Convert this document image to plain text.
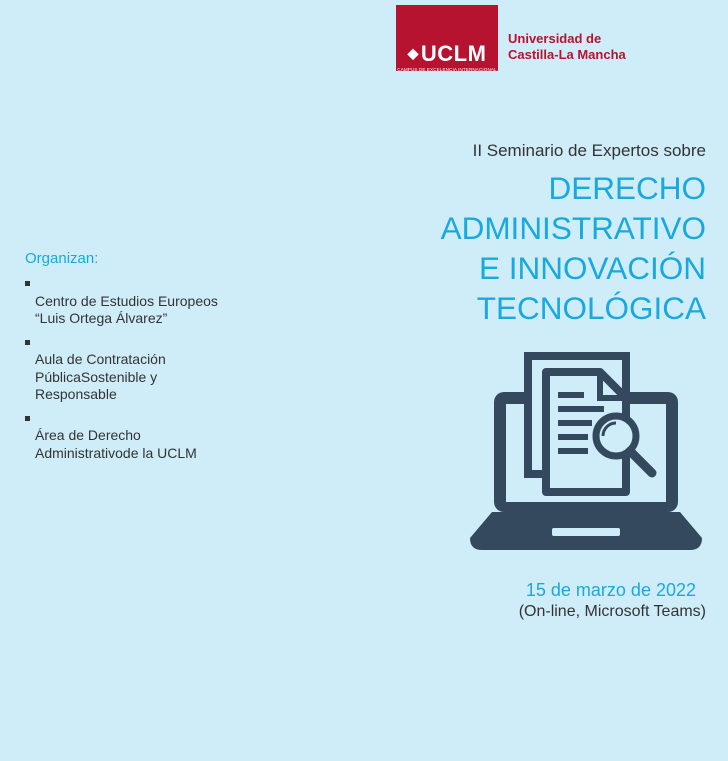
◆UCLM
CAMPUS DE EXCELENCIA INTERNACIONAL
Universidad de
Castilla-La Mancha
II Seminario de Expertos sobre
DERECHO
ADMINISTRATIVO
E INNOVACIÓN
TECNOLÓGICA
Organizan:

Centro de Estudios Europeos
“Luis Ortega Álvarez”

Aula de Contratación
PúblicaSostenible y
Responsable

Área de Derecho
Administrativode la UCLM

15 de marzo de 2022
(On-line, Microsoft Teams)
